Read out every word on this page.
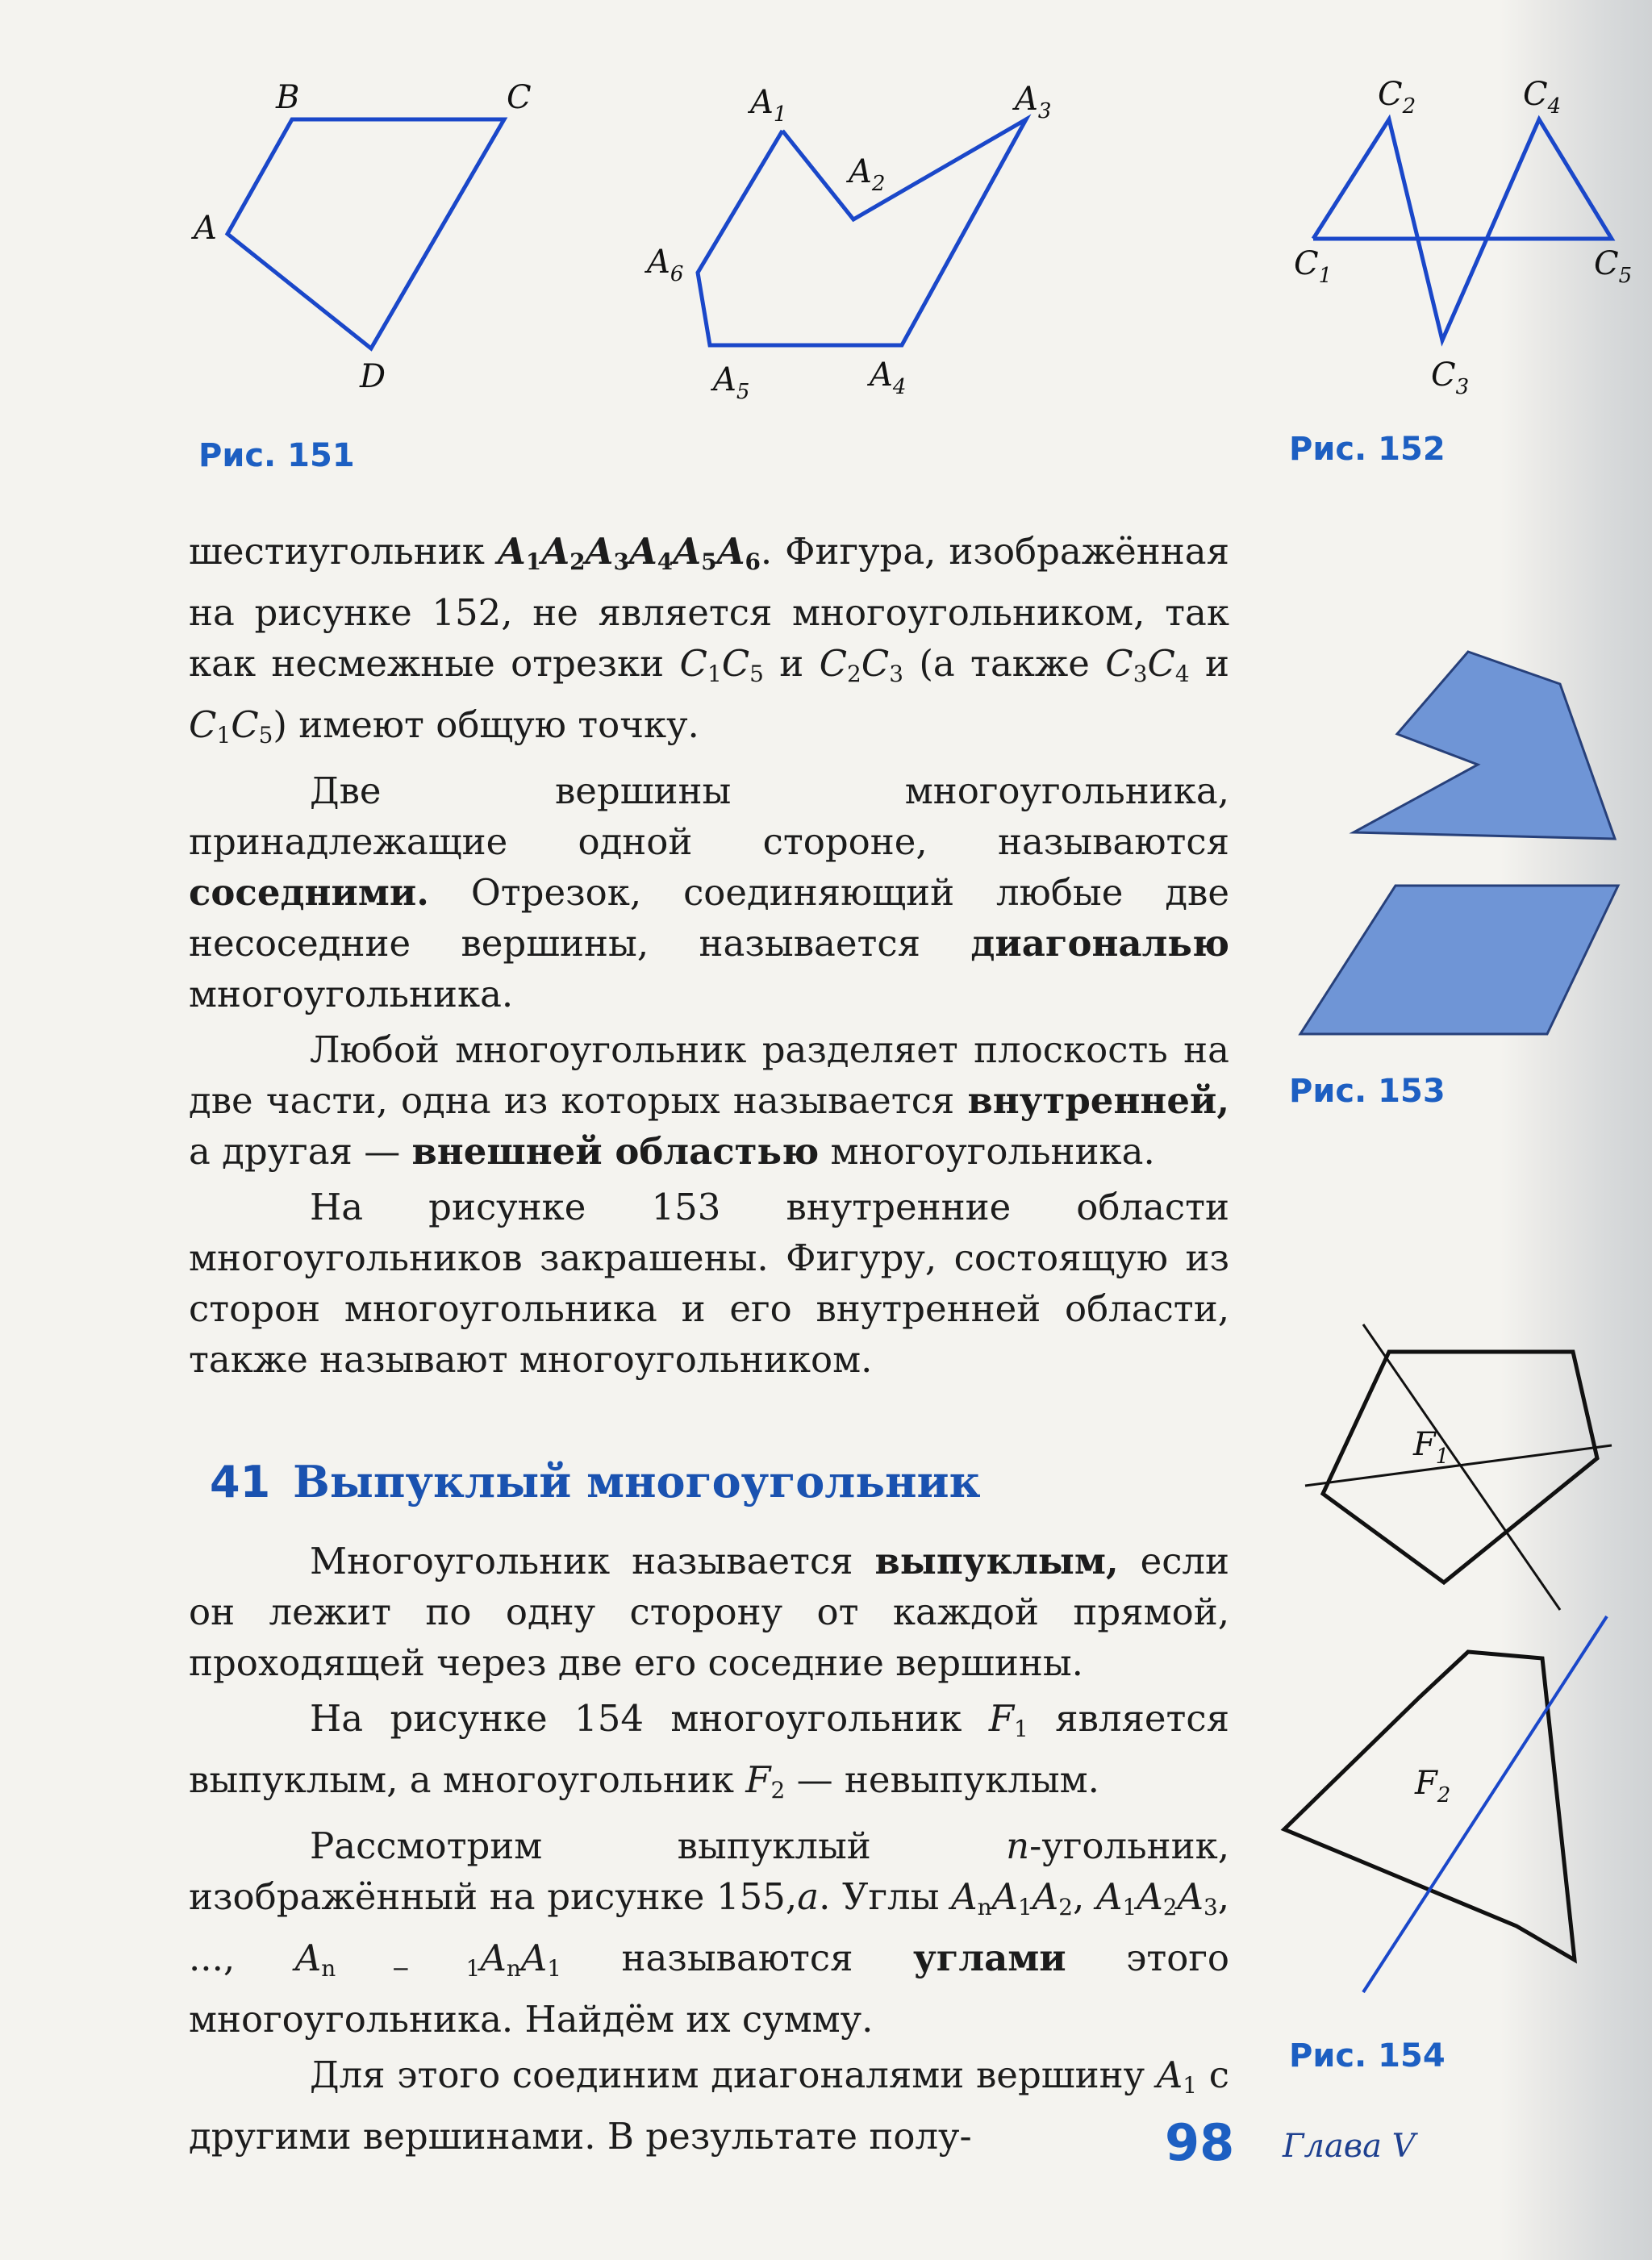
B	C
A
D
$A_1$
$A_2$
$A_3$
$A_4$
$A_5$
$A_6$
Рис. 151
$C_1$
$C_2$
$C_3$
$C_4$
$C_5$
Рис. 152
Рис. 153
$F_1$
$F_2$
Рис. 154

шестиугольник A1A2A3A4A5A6. Фигура, изображённая на рисунке 152, не является многоугольником, так как несмежные отрезки C1C5 и C2C3 (а также C3C4 и C1C5) имеют общую точку.

Две вершины многоугольника, принадлежащие одной стороне, называются соседними. Отрезок, соединяющий любые две несоседние вершины, называется диагональю многоугольника.

Любой многоугольник разделяет плоскость на две части, одна из которых называется внутренней, а другая — внешней областью многоугольника.

На рисунке 153 внутренние области многоугольников закрашены. Фигуру, состоящую из сторон многоугольника и его внутренней области, также называют многоугольником.

41 Выпуклый многоугольник

Многоугольник называется выпуклым, если он лежит по одну сторону от каждой прямой, проходящей через две его соседние вершины.

На рисунке 154 многоугольник F1 является выпуклым, а многоугольник F2 — невыпуклым.

Рассмотрим выпуклый n-угольник, изображённый на рисунке 155,а. Углы AnA1A2, A1A2A3, ..., An − 1AnA1 называются углами этого многоугольника. Найдём их сумму.

Для этого соединим диагоналями вершину A1 с другими вершинами. В результате полу-	98 Глава V
